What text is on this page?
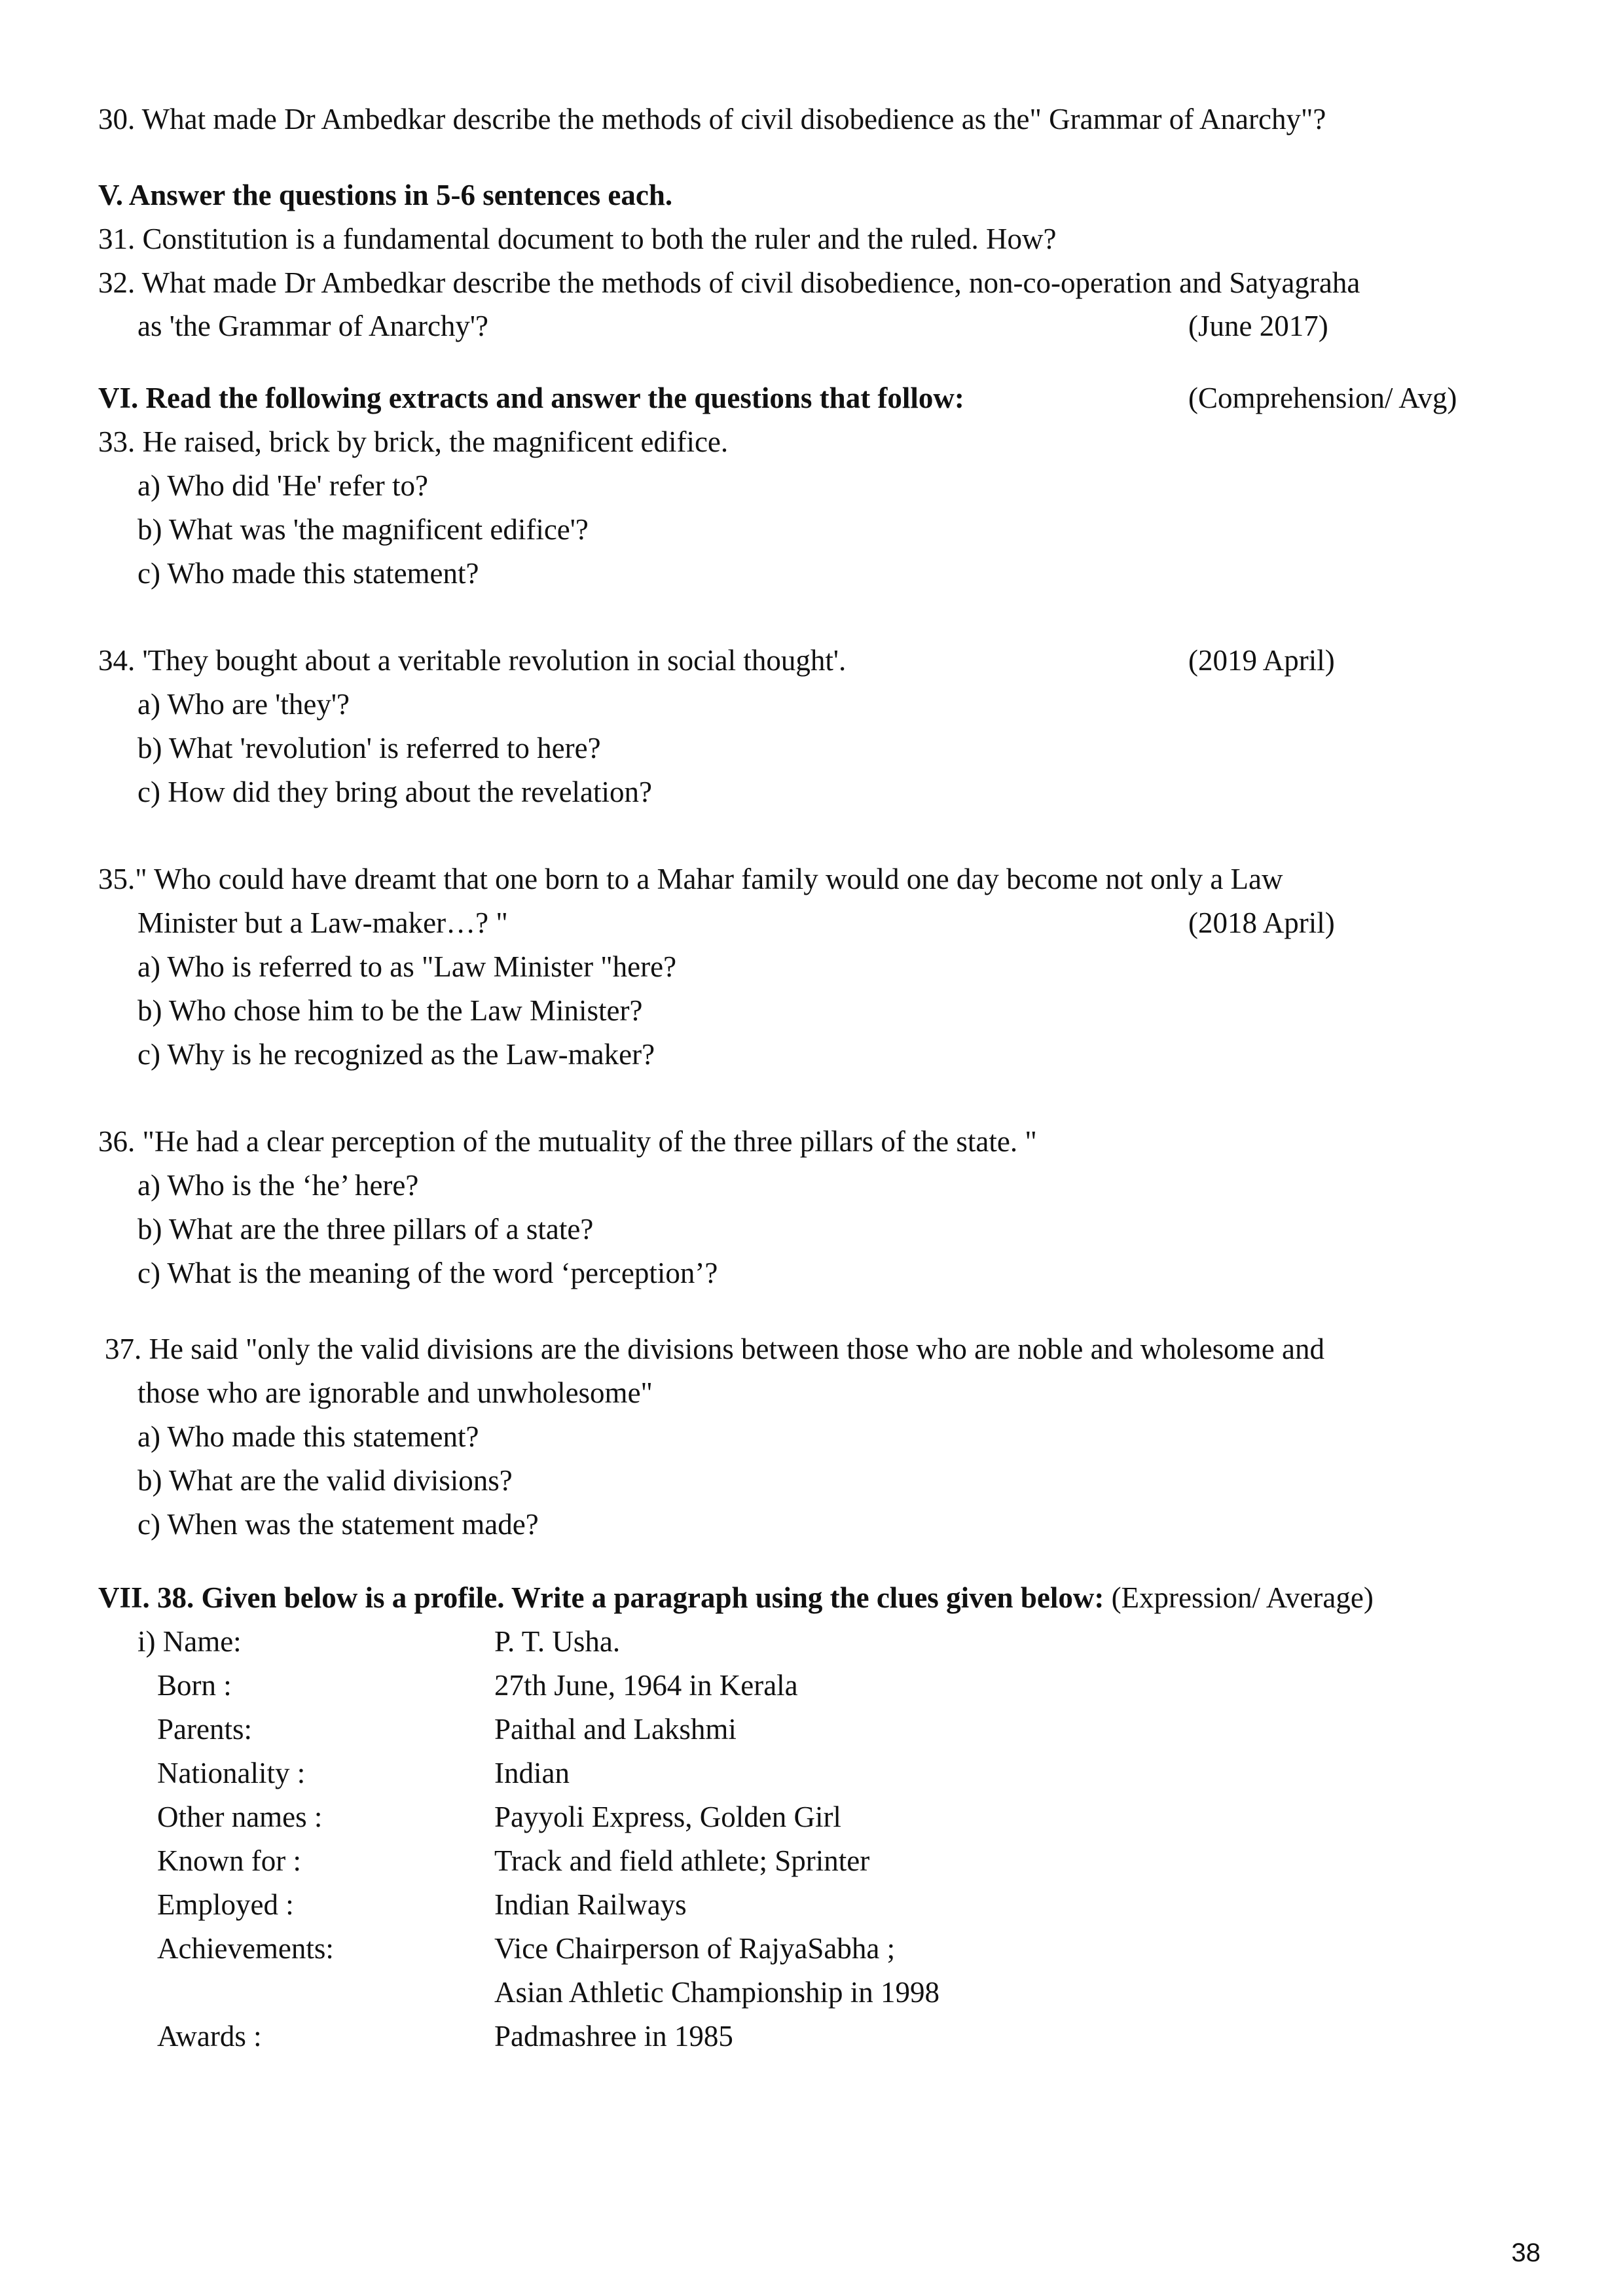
30. What made Dr Ambedkar describe the methods of civil disobedience as the" Grammar of Anarchy"?
V. Answer the questions in 5-6 sentences each.
31. Constitution is a fundamental document to both the ruler and the ruled. How?
32. What made Dr Ambedkar describe the methods of civil disobedience, non-co-operation and Satyagraha
as 'the Grammar of Anarchy'?	(June 2017)
VI. Read the following extracts and answer the questions that follow:	(Comprehension/ Avg)
33. He raised, brick by brick, the magnificent edifice.
a) Who did 'He' refer to?
b) What was 'the magnificent edifice'?
c) Who made this statement?
34. 'They bought about a veritable revolution in social thought'.	(2019 April)
a) Who are 'they'?
b) What 'revolution' is referred to here?
c) How did they bring about the revelation?
35." Who could have dreamt that one born to a Mahar family would one day become not only a Law
Minister but a Law-maker…? "	(2018 April)
a) Who is referred to as "Law Minister "here?
b) Who chose him to be the Law Minister?
c) Why is he recognized as the Law-maker?
36. "He had a clear perception of the mutuality of the three pillars of the state. "
a) Who is the ‘he’ here?
b) What are the three pillars of a state?
c) What is the meaning of the word ‘perception’?
37. He said "only the valid divisions are the divisions between those who are noble and wholesome and
those who are ignorable and unwholesome"
a) Who made this statement?
b) What are the valid divisions?
c) When was the statement made?
VII. 38. Given below is a profile. Write a paragraph using the clues given below: (Expression/ Average)
i) Name:	P. T. Usha.
Born :	27th June, 1964 in Kerala
Parents:	Paithal and Lakshmi
Nationality :	Indian
Other names :	Payyoli Express, Golden Girl
Known for :	Track and field athlete; Sprinter
Employed :	Indian Railways
Achievements:	Vice Chairperson of RajyaSabha ;
Asian Athletic Championship in 1998
Awards :	Padmashree in 1985
38
